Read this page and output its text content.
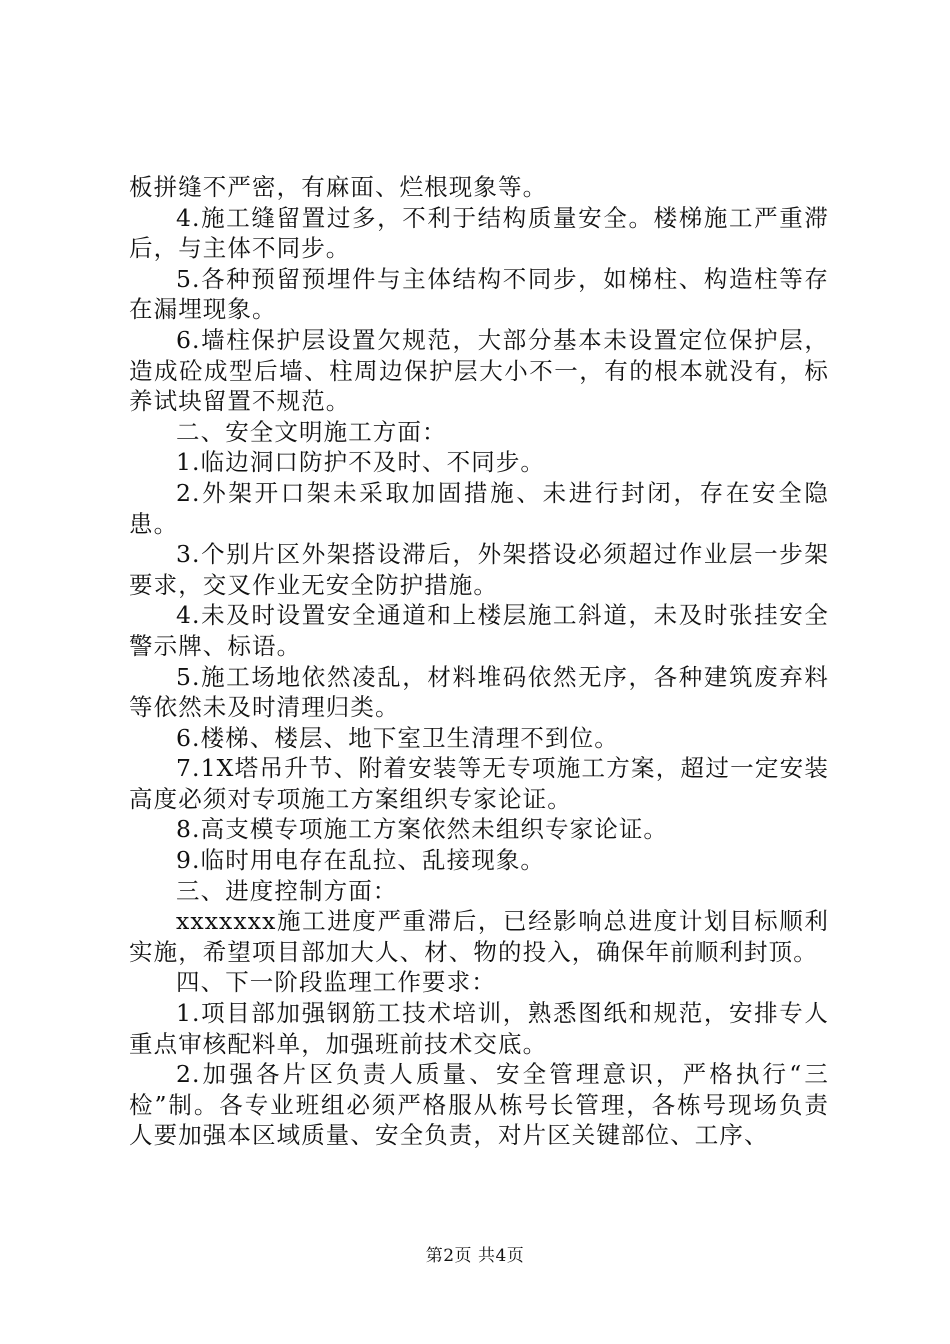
板拼缝不严密，有麻面、烂根现象等。

4.施工缝留置过多，不利于结构质量安全。楼梯施工严重滞后，与主体不同步。

5.各种预留预埋件与主体结构不同步，如梯柱、构造柱等存在漏埋现象。

6.墙柱保护层设置欠规范，大部分基本未设置定位保护层，造成砼成型后墙、柱周边保护层大小不一，有的根本就没有，标养试块留置不规范。

二、安全文明施工方面：

1.临边洞口防护不及时、不同步。

2.外架开口架未采取加固措施、未进行封闭，存在安全隐患。

3.个别片区外架搭设滞后，外架搭设必须超过作业层一步架要求，交叉作业无安全防护措施。

4.未及时设置安全通道和上楼层施工斜道，未及时张挂安全警示牌、标语。

5.施工场地依然凌乱，材料堆码依然无序，各种建筑废弃料等依然未及时清理归类。

6.楼梯、楼层、地下室卫生清理不到位。

7.1X塔吊升节、附着安装等无专项施工方案，超过一定安装高度必须对专项施工方案组织专家论证。

8.高支模专项施工方案依然未组织专家论证。

9.临时用电存在乱拉、乱接现象。

三、进度控制方面：

xxxxxxx施工进度严重滞后，已经影响总进度计划目标顺利实施，希望项目部加大人、材、物的投入，确保年前顺利封顶。

四、下一阶段监理工作要求：

1.项目部加强钢筋工技术培训，熟悉图纸和规范，安排专人重点审核配料单，加强班前技术交底。

2.加强各片区负责人质量、安全管理意识，严格执行“三检”制。各专业班组必须严格服从栋号长管理，各栋号现场负责人要加强本区域质量、安全负责，对片区关键部位、工序、

第2页 共4页
